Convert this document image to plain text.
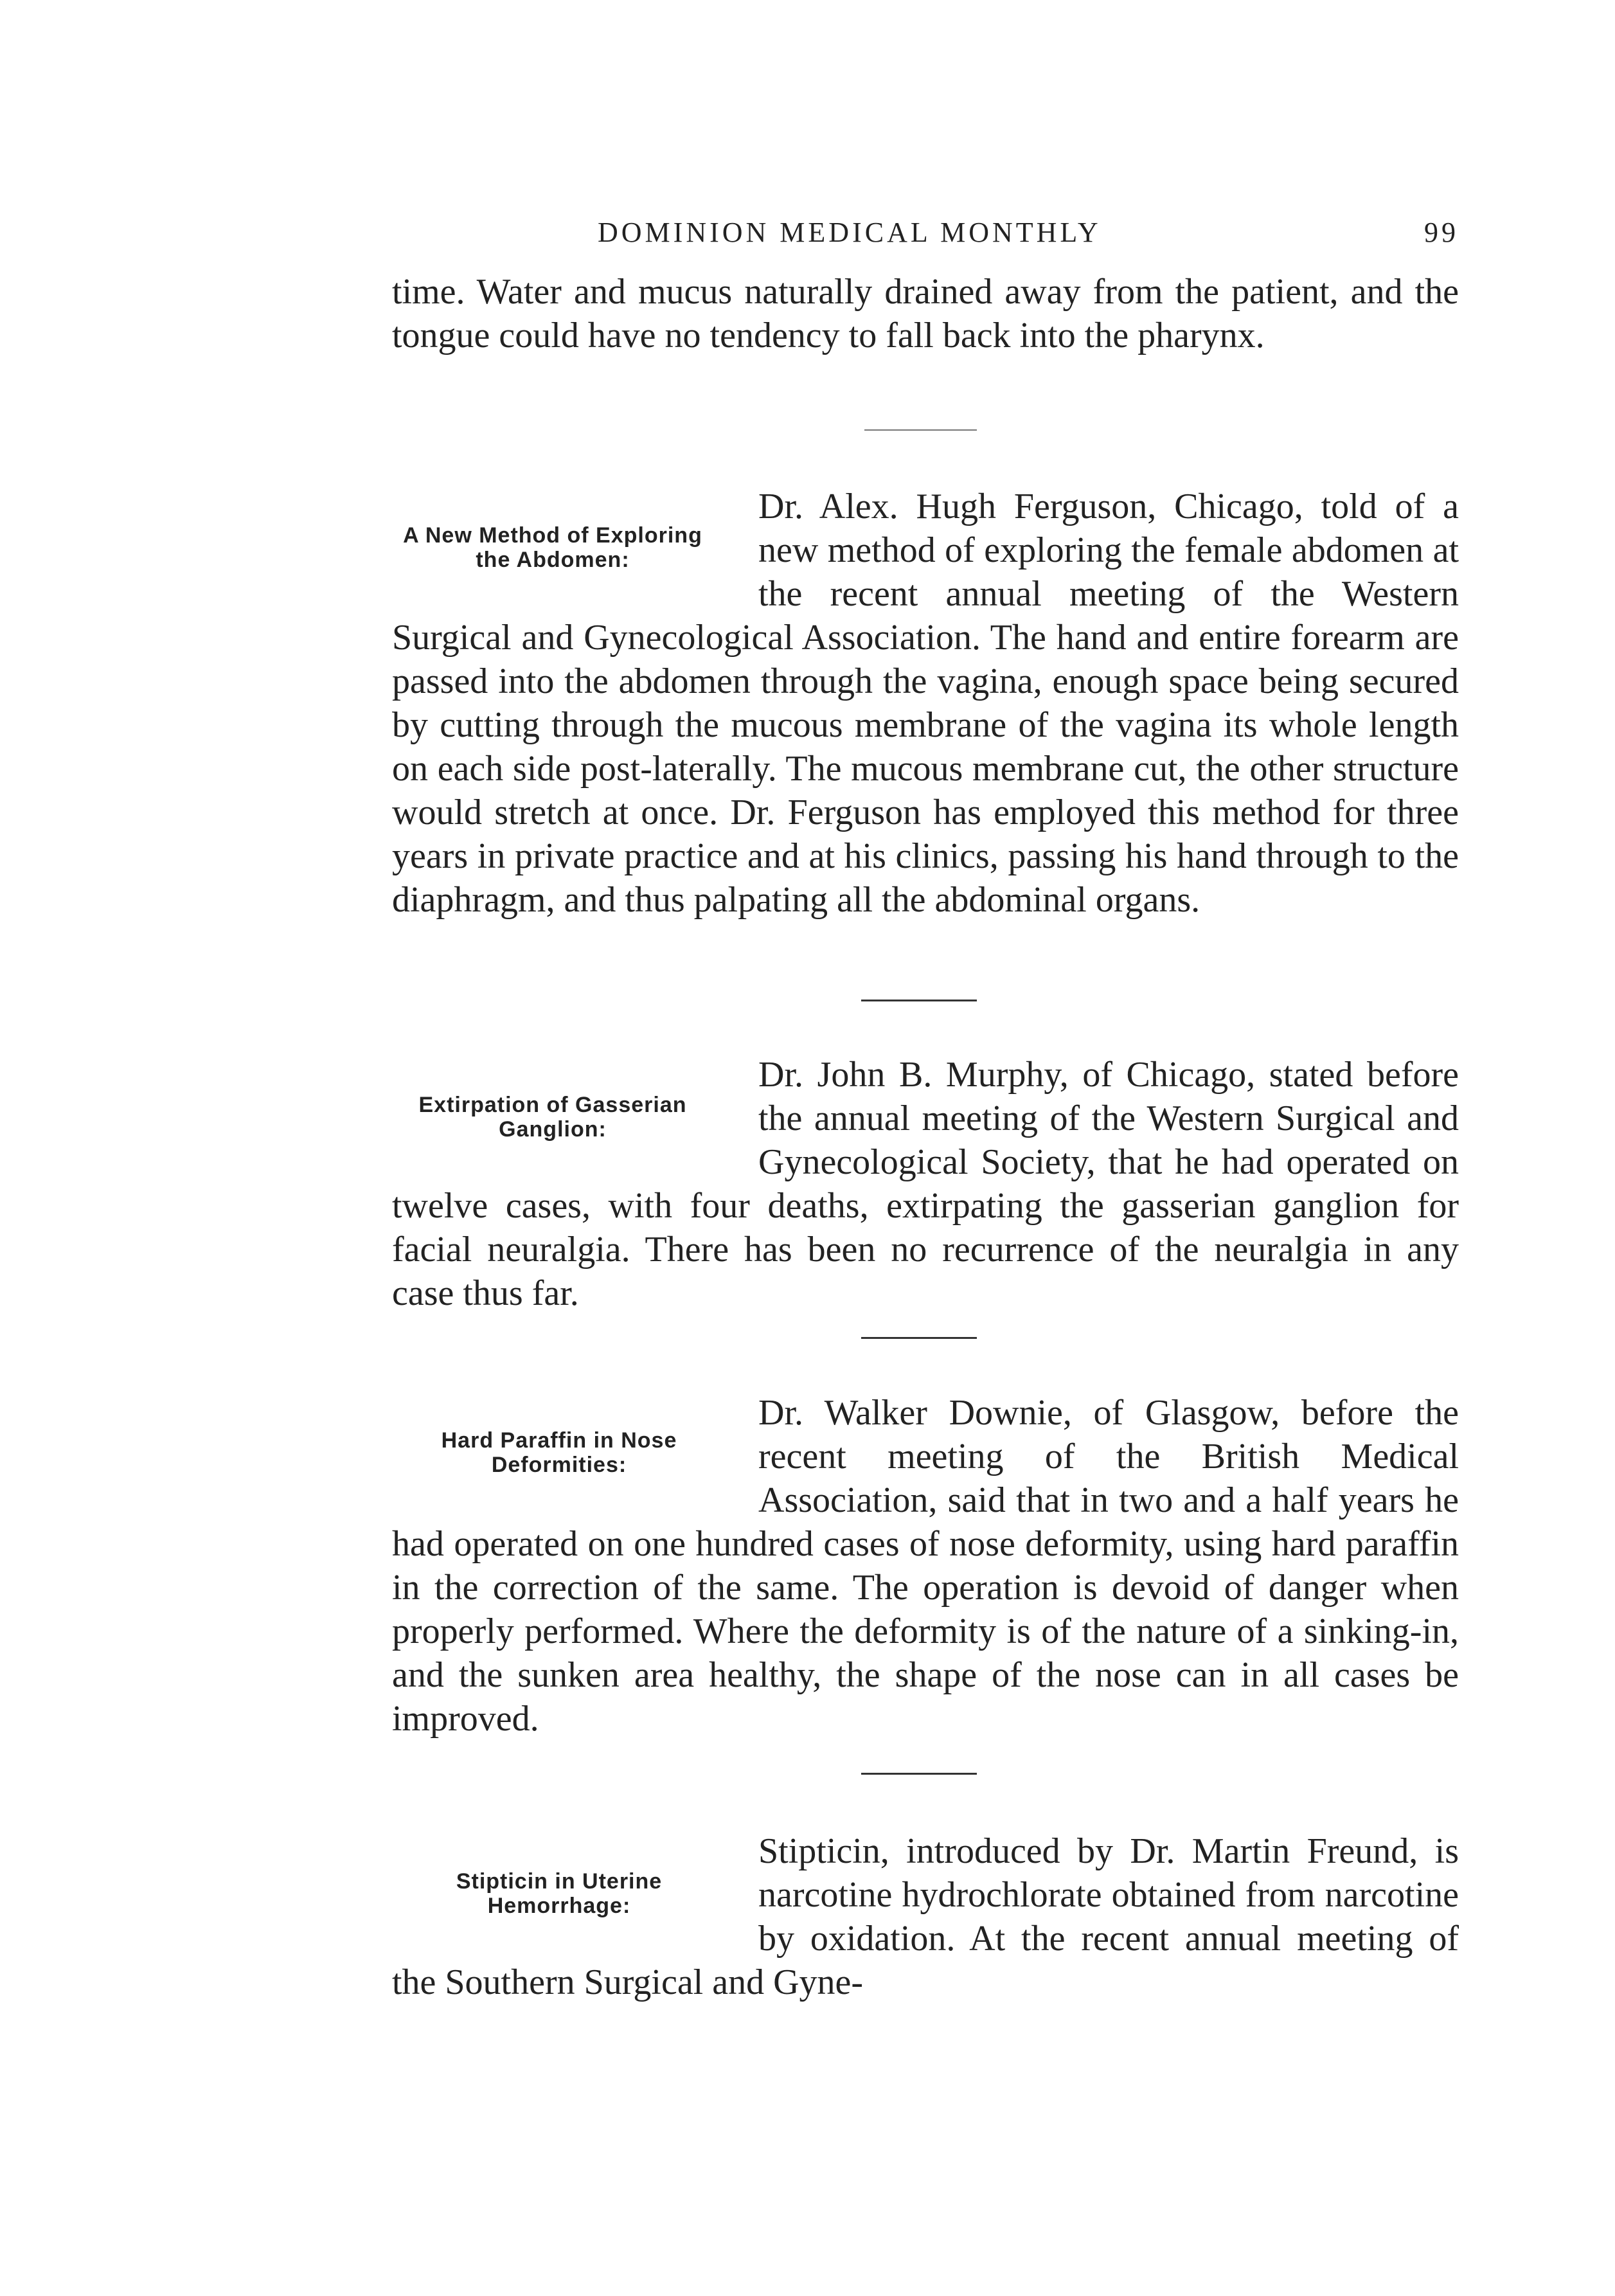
DOMINION MEDICAL MONTHLY	99

time. Water and mucus naturally drained away from the patient, and the tongue could have no tendency to fall back into the pharynx.

Dr. Alex. Hugh Ferguson, Chicago, told of a new method of exploring the female abdomen at the recent annual meeting of the Western Surgical and Gynecological Association. The hand and entire forearm are passed into the abdomen through the vagina, enough space being secured by cutting through the mucous membrane of the vagina its whole length on each side post-laterally. The mucous membrane cut, the other structure would stretch at once. Dr. Ferguson has employed this method for three years in private practice and at his clinics, passing his hand through to the diaphragm, and thus palpating all the abdominal organs.

A New Method of Exploring the Abdomen:

Dr. John B. Murphy, of Chicago, stated before the annual meeting of the Western Surgical and Gynecological Society, that he had operated on twelve cases, with four deaths, extirpating the gasserian ganglion for facial neuralgia. There has been no recurrence of the neuralgia in any case thus far.

Extirpation of Gasserian Ganglion:

Dr. Walker Downie, of Glasgow, before the recent meeting of the British Medical Association, said that in two and a half years he had operated on one hundred cases of nose deformity, using hard paraffin in the correction of the same. The operation is devoid of danger when properly performed. Where the deformity is of the nature of a sinking-in, and the sunken area healthy, the shape of the nose can in all cases be improved.

Hard Paraffin in Nose Deformities:

Stipticin, introduced by Dr. Martin Freund, is narcotine hydrochlorate obtained from narcotine by oxidation. At the recent annual meeting of the Southern Surgical and Gyne-

Stipticin in Uterine Hemorrhage:
